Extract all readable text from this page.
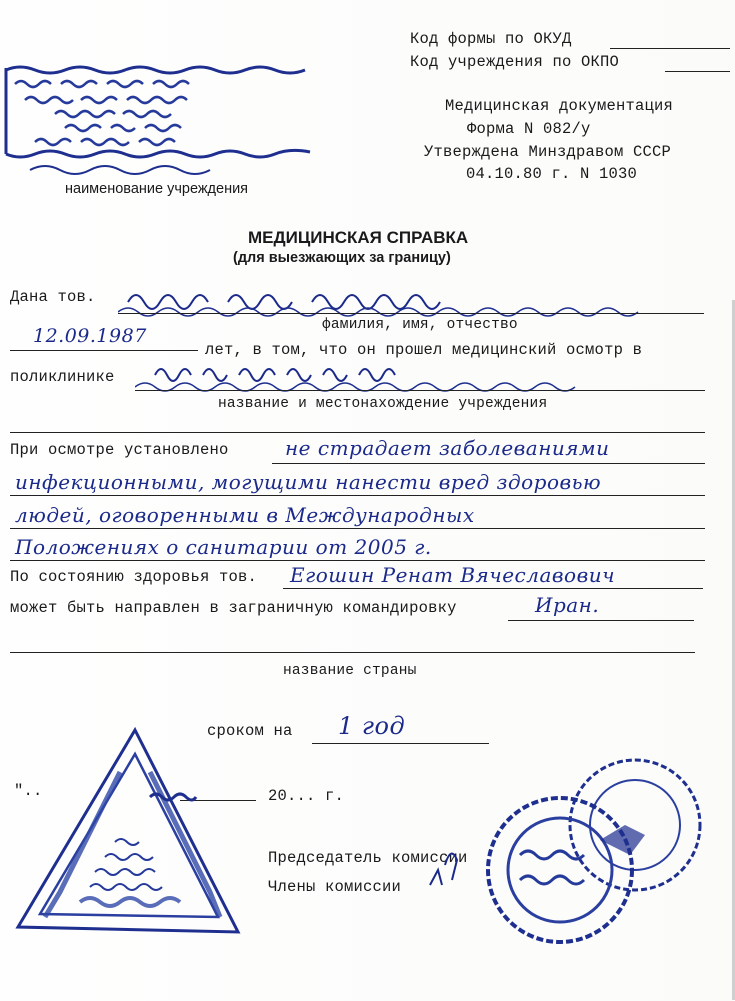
Код формы по ОКУД
Код учреждения по ОКПО
Медицинская документация
Форма N 082/у
Утверждена Минздравом СССР
04.10.80 г. N 1030
наименование учреждения
МЕДИЦИНСКАЯ СПРАВКА
(для выезжающих за границу)
Дана тов.
фамилия, имя, отчество
12.09.1987
лет, в том, что он прошел медицинский осмотр в
поликлинике
название и местонахождение учреждения
При осмотре установлено	не страдает заболеваниями
инфекционными, могущими нанести вред здоровью
людей, оговоренными в Международных
Положениях о санитарии от 2005 г.
По состоянию здоровья тов. Егошин Ренат Вячеславович
может быть направлен в заграничную командировку	Иран.
название страны
сроком на 1 год
"..	20... г.
Председатель комиссии
Члены комиссии
